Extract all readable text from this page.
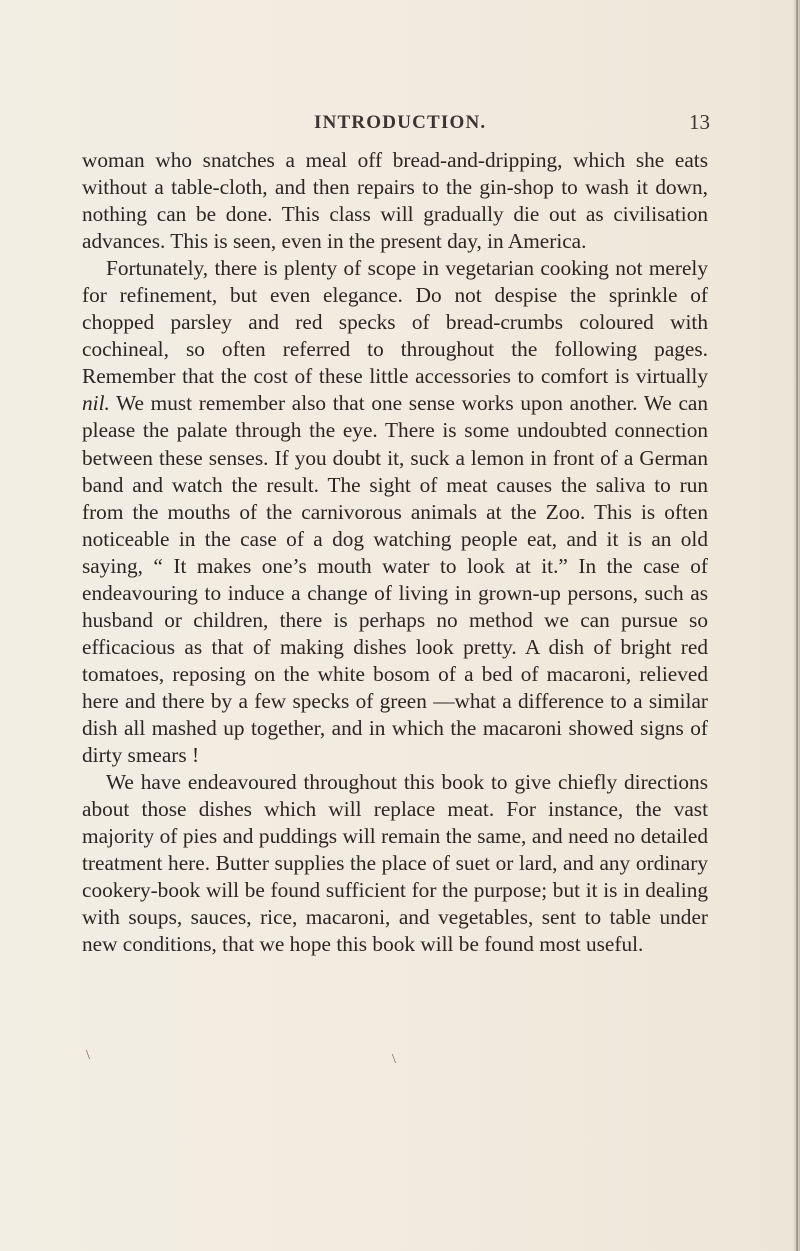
INTRODUCTION.	13

woman who snatches a meal off bread-and-dripping, which she eats without a table-cloth, and then repairs to the gin-shop to wash it down, nothing can be done. This class will gradually die out as civilisation advances. This is seen, even in the present day, in America.

Fortunately, there is plenty of scope in vegetarian cooking not merely for refinement, but even elegance. Do not despise the sprinkle of chopped parsley and red specks of bread-crumbs coloured with cochineal, so often referred to throughout the following pages. Remember that the cost of these little accessories to comfort is virtually nil. We must remember also that one sense works upon another. We can please the palate through the eye. There is some undoubted connection between these senses. If you doubt it, suck a lemon in front of a German band and watch the result. The sight of meat causes the saliva to run from the mouths of the carnivorous animals at the Zoo. This is often noticeable in the case of a dog watching people eat, and it is an old saying, “ It makes one’s mouth water to look at it.” In the case of endeavouring to induce a change of living in grown-up persons, such as husband or children, there is perhaps no method we can pursue so efficacious as that of making dishes look pretty. A dish of bright red tomatoes, reposing on the white bosom of a bed of macaroni, relieved here and there by a few specks of green —what a difference to a similar dish all mashed up together, and in which the macaroni showed signs of dirty smears !

We have endeavoured throughout this book to give chiefly directions about those dishes which will replace meat. For instance, the vast majority of pies and puddings will remain the same, and need no detailed treatment here. Butter supplies the place of suet or lard, and any ordinary cookery-book will be found sufficient for the purpose; but it is in dealing with soups, sauces, rice, macaroni, and vegetables, sent to table under new conditions, that we hope this book will be found most useful.

\	\
